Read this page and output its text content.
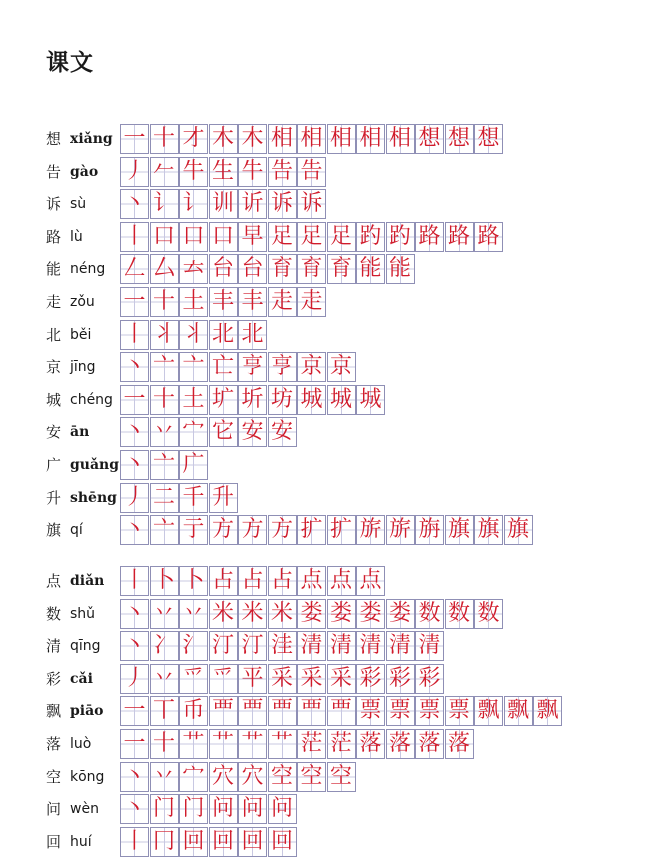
课文
想 xiǎng 一 十 才 木 木 相 相 相 相 相 想 想 想
告 gào	丿 𠂉 牛 生 牛 告 告
诉 sù	丶 讠 讠 训 䜣 诉 诉
路 lù	丨 口 口 口 早 足 足 足 趵 趵 路 路 路
能 néng 𠃋 厶 𠫓 台 台 育 育 育 能 能
走 zǒu	一 十 土 丰 丰 走 走
北 běi	丨 丬 丬 北 北
京 jīng	丶 亠 亠 亡 亨 亨 京 京
城 chéng 一 十 土 圹 圻 坊 城 城 城
安 ān	丶 丷 宀 它 安 安
广 guǎng 丶 亠 广
升 shēng 丿 二 千 升
旗 qí	丶 亠 亍 方 方 方 扩 扩 旂 旂 旃 旗 旗 旗
点 diǎn 丨 卜 卜 占 占 占 点 点 点
数 shǔ	丶 丷 丷 米 米 米 娄 娄 娄 娄 数 数 数
清 qīng	丶 冫 氵 汀 汀 洼 清 清 清 清 清
彩 cǎi	丿 丷 爫 爫 平 采 采 采 彩 彩 彩
飘 piāo 一 丅 币 覀 覀 覀 覀 覀 票 票 票 票 飘 飘 飘
落 luò	一 十 艹 艹 艹 艹 茫 茫 落 落 落 落
空 kōng 丶 丷 宀 穴 穴 空 空 空
问 wèn	丶 门 门 问 问 问
回 huí	丨 冂 回 回 回 回
